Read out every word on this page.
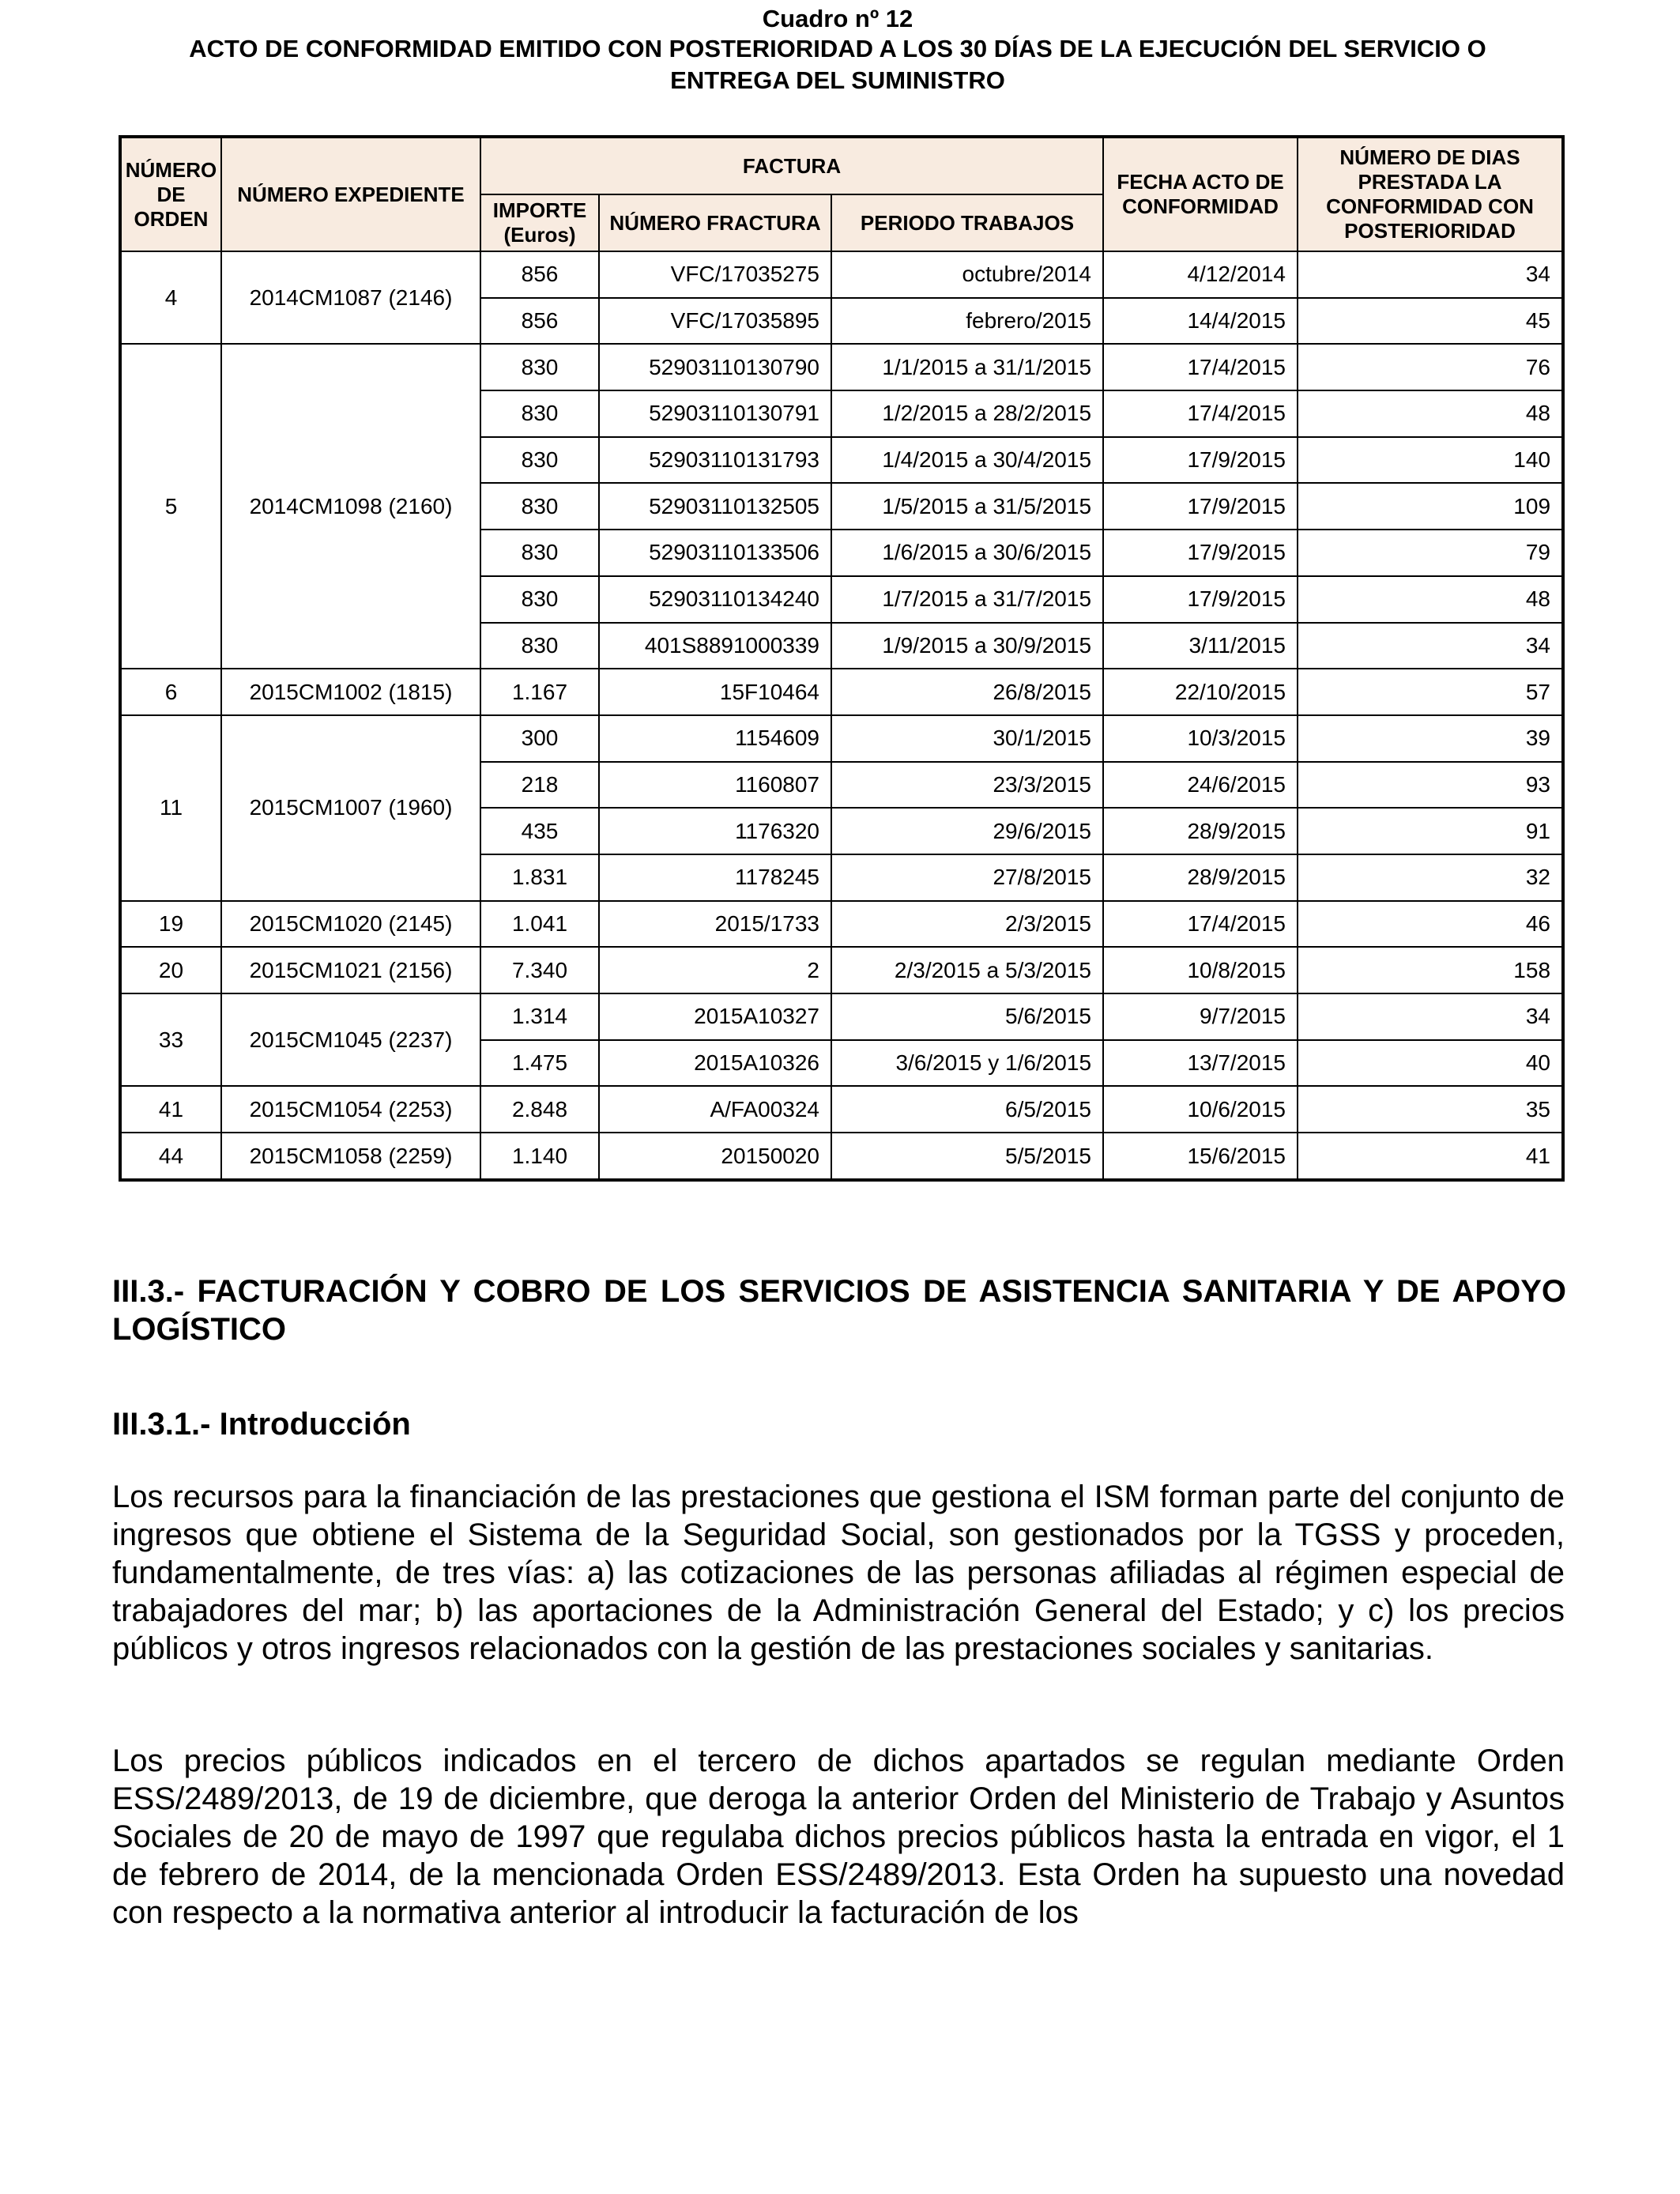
Cuadro nº 12
ACTO DE CONFORMIDAD EMITIDO CON POSTERIORIDAD A LOS 30 DÍAS DE LA EJECUCIÓN DEL SERVICIO O
ENTREGA DEL SUMINISTRO
NÚMERO DE ORDEN	NÚMERO EXPEDIENTE	FACTURA			FECHA ACTO DE CONFORMIDAD	NÚMERO DE DIAS PRESTADA LA CONFORMIDAD CON POSTERIORIDAD
		IMPORTE (Euros)	NÚMERO FRACTURA	PERIODO TRABAJOS		
4	2014CM1087 (2146)	856	VFC/17035275	octubre/2014	4/12/2014	34
		856	VFC/17035895	febrero/2015	14/4/2015	45
5	2014CM1098 (2160)	830	52903110130790	1/1/2015 a 31/1/2015	17/4/2015	76
		830	52903110130791	1/2/2015 a 28/2/2015	17/4/2015	48
		830	52903110131793	1/4/2015 a 30/4/2015	17/9/2015	140
		830	52903110132505	1/5/2015 a 31/5/2015	17/9/2015	109
		830	52903110133506	1/6/2015 a 30/6/2015	17/9/2015	79
		830	52903110134240	1/7/2015 a 31/7/2015	17/9/2015	48
		830	401S8891000339	1/9/2015 a 30/9/2015	3/11/2015	34
6	2015CM1002 (1815)	1.167	15F10464	26/8/2015	22/10/2015	57
11	2015CM1007 (1960)	300	1154609	30/1/2015	10/3/2015	39
		218	1160807	23/3/2015	24/6/2015	93
		435	1176320	29/6/2015	28/9/2015	91
		1.831	1178245	27/8/2015	28/9/2015	32
19	2015CM1020 (2145)	1.041	2015/1733	2/3/2015	17/4/2015	46
20	2015CM1021 (2156)	7.340	2	2/3/2015 a 5/3/2015	10/8/2015	158
33	2015CM1045 (2237)	1.314	2015A10327	5/6/2015	9/7/2015	34
		1.475	2015A10326	3/6/2015 y 1/6/2015	13/7/2015	40
41	2015CM1054 (2253)	2.848	A/FA00324	6/5/2015	10/6/2015	35
44	2015CM1058 (2259)	1.140	20150020	5/5/2015	15/6/2015	41
III.3.- FACTURACIÓN Y COBRO DE LOS SERVICIOS DE ASISTENCIA SANITARIA Y DE APOYO LOGÍSTICO
III.3.1.- Introducción
Los recursos para la financiación de las prestaciones que gestiona el ISM forman parte del conjunto de ingresos que obtiene el Sistema de la Seguridad Social, son gestionados por la TGSS y proceden, fundamentalmente, de tres vías: a) las cotizaciones de las personas afiliadas al régimen especial de trabajadores del mar; b) las aportaciones de la Administración General del Estado; y c) los precios públicos y otros ingresos relacionados con la gestión de las prestaciones sociales y sanitarias.
Los precios públicos indicados en el tercero de dichos apartados se regulan mediante Orden ESS/2489/2013, de 19 de diciembre, que deroga la anterior Orden del Ministerio de Trabajo y Asuntos Sociales de 20 de mayo de 1997 que regulaba dichos precios públicos hasta la entrada en vigor, el 1 de febrero de 2014, de la mencionada Orden ESS/2489/2013. Esta Orden ha supuesto una novedad con respecto a la normativa anterior al introducir la facturación de los
